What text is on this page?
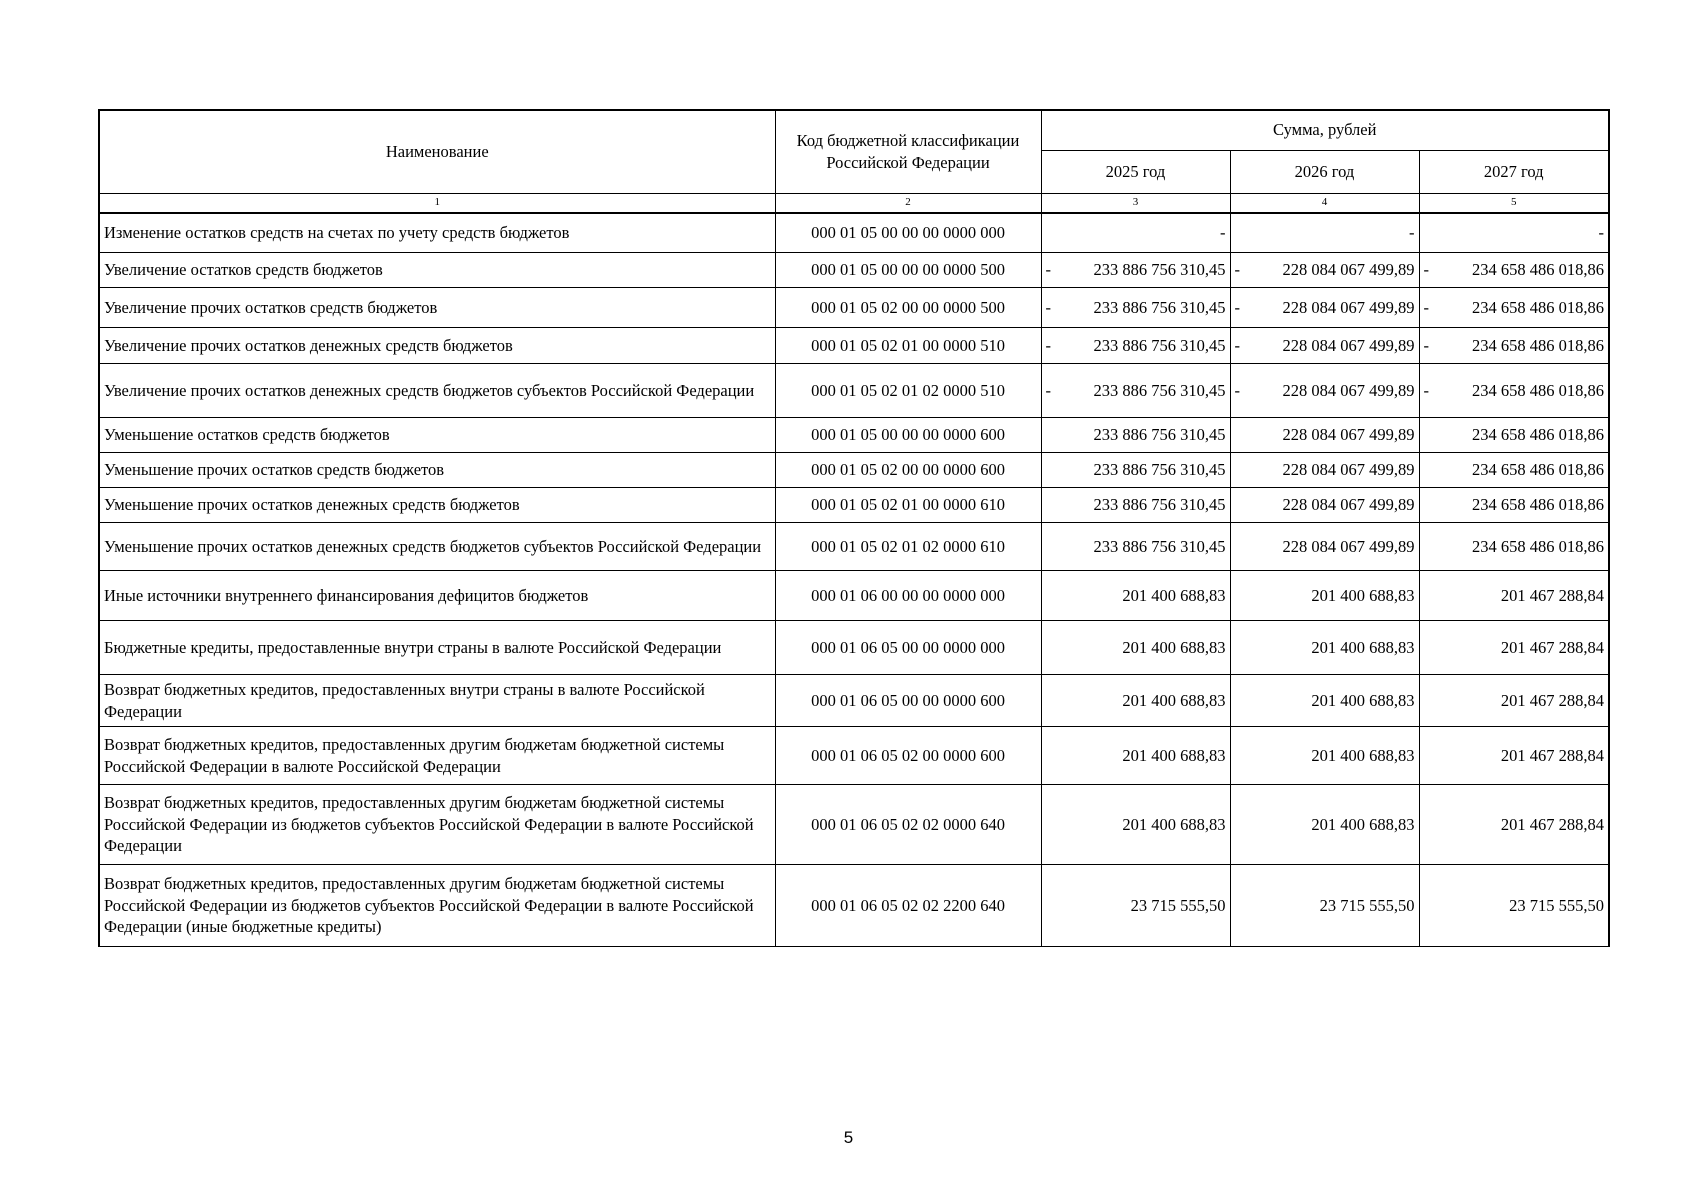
Наименование	Код бюджетной классификации Российской Федерации	Сумма, рублей		
		2025 год	2026 год	2027 год
1	2	3	4	5
Изменение остатков средств на счетах по учету средств бюджетов	000 01 05 00 00 00 0000 000	-	-	-
Увеличение остатков средств бюджетов	000 01 05 00 00 00 0000 500	- 233 886 756 310,45	- 228 084 067 499,89	- 234 658 486 018,86
Увеличение прочих остатков средств бюджетов	000 01 05 02 00 00 0000 500	- 233 886 756 310,45	- 228 084 067 499,89	- 234 658 486 018,86
Увеличение прочих остатков денежных средств бюджетов	000 01 05 02 01 00 0000 510	- 233 886 756 310,45	- 228 084 067 499,89	- 234 658 486 018,86
Увеличение прочих остатков денежных средств бюджетов субъектов Российской Федерации	000 01 05 02 01 02 0000 510	- 233 886 756 310,45	- 228 084 067 499,89	- 234 658 486 018,86
Уменьшение остатков средств бюджетов	000 01 05 00 00 00 0000 600	233 886 756 310,45	228 084 067 499,89	234 658 486 018,86
Уменьшение прочих остатков средств бюджетов	000 01 05 02 00 00 0000 600	233 886 756 310,45	228 084 067 499,89	234 658 486 018,86
Уменьшение прочих остатков денежных средств бюджетов	000 01 05 02 01 00 0000 610	233 886 756 310,45	228 084 067 499,89	234 658 486 018,86
Уменьшение прочих остатков денежных средств бюджетов субъектов Российской Федерации	000 01 05 02 01 02 0000 610	233 886 756 310,45	228 084 067 499,89	234 658 486 018,86
Иные источники внутреннего финансирования дефицитов бюджетов	000 01 06 00 00 00 0000 000	201 400 688,83	201 400 688,83	201 467 288,84
Бюджетные кредиты, предоставленные внутри страны в валюте Российской Федерации	000 01 06 05 00 00 0000 000	201 400 688,83	201 400 688,83	201 467 288,84
Возврат бюджетных кредитов, предоставленных внутри страны в валюте Российской Федерации	000 01 06 05 00 00 0000 600	201 400 688,83	201 400 688,83	201 467 288,84
Возврат бюджетных кредитов, предоставленных другим бюджетам бюджетной системы Российской Федерации в валюте Российской Федерации	000 01 06 05 02 00 0000 600	201 400 688,83	201 400 688,83	201 467 288,84
Возврат бюджетных кредитов, предоставленных другим бюджетам бюджетной системы Российской Федерации из бюджетов субъектов Российской Федерации в валюте Российской Федерации	000 01 06 05 02 02 0000 640	201 400 688,83	201 400 688,83	201 467 288,84
Возврат бюджетных кредитов, предоставленных другим бюджетам бюджетной системы Российской Федерации из бюджетов субъектов Российской Федерации в валюте Российской Федерации (иные бюджетные кредиты)	000 01 06 05 02 02 2200 640	23 715 555,50	23 715 555,50	23 715 555,50
5
